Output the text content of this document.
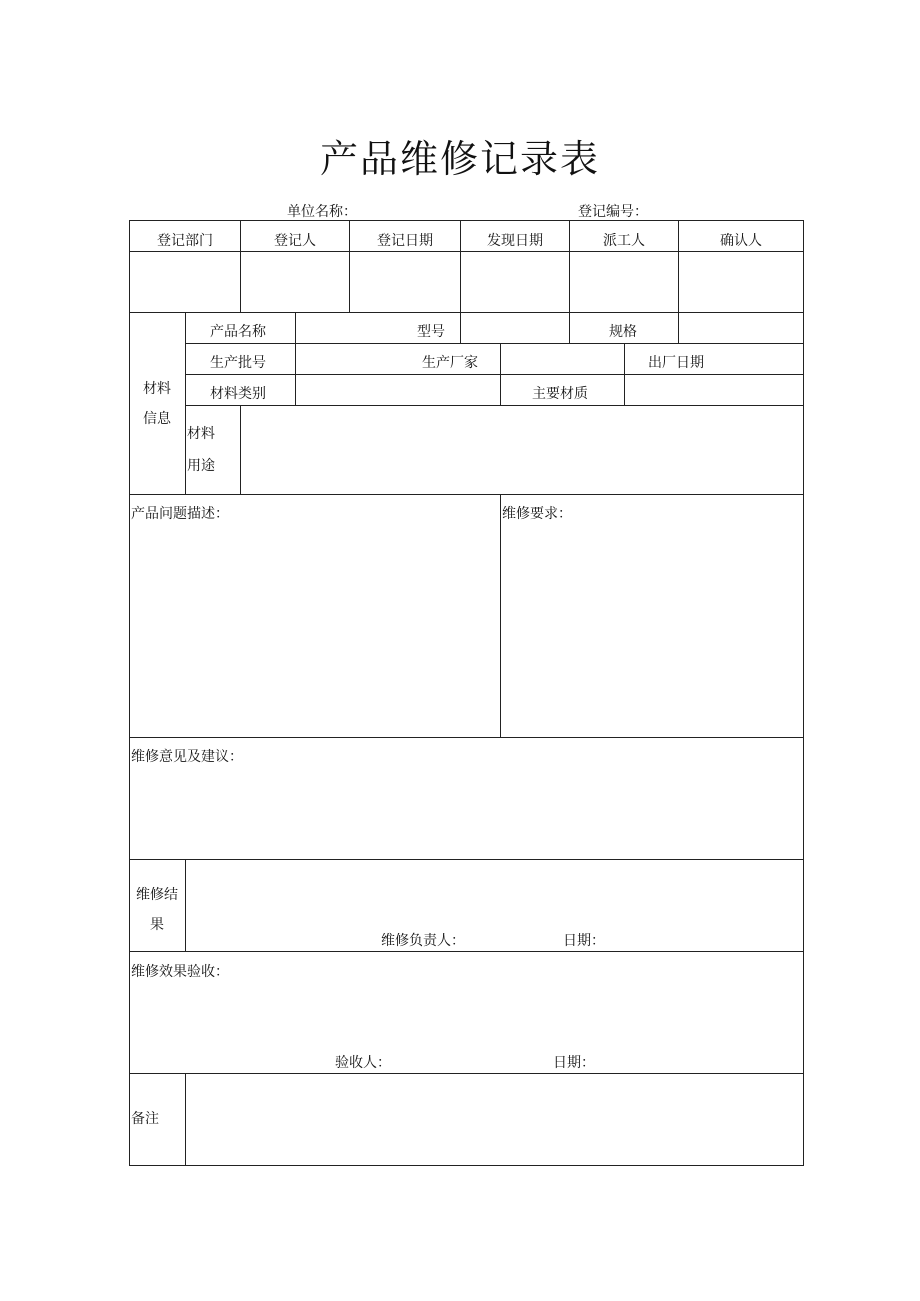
产品维修记录表
单位名称：	登记编号：
登记部门	登记人	登记日期	发现日期	派工人	确认人
材料
信息
产品名称	型号	规格
生产批号	生产厂家	出厂日期
材料类别	主要材质
材料
用途
产品问题描述：	维修要求：
维修意见及建议：
维修结
果
维修负责人：	日期：
维修效果验收：
验收人：	日期：
备注
